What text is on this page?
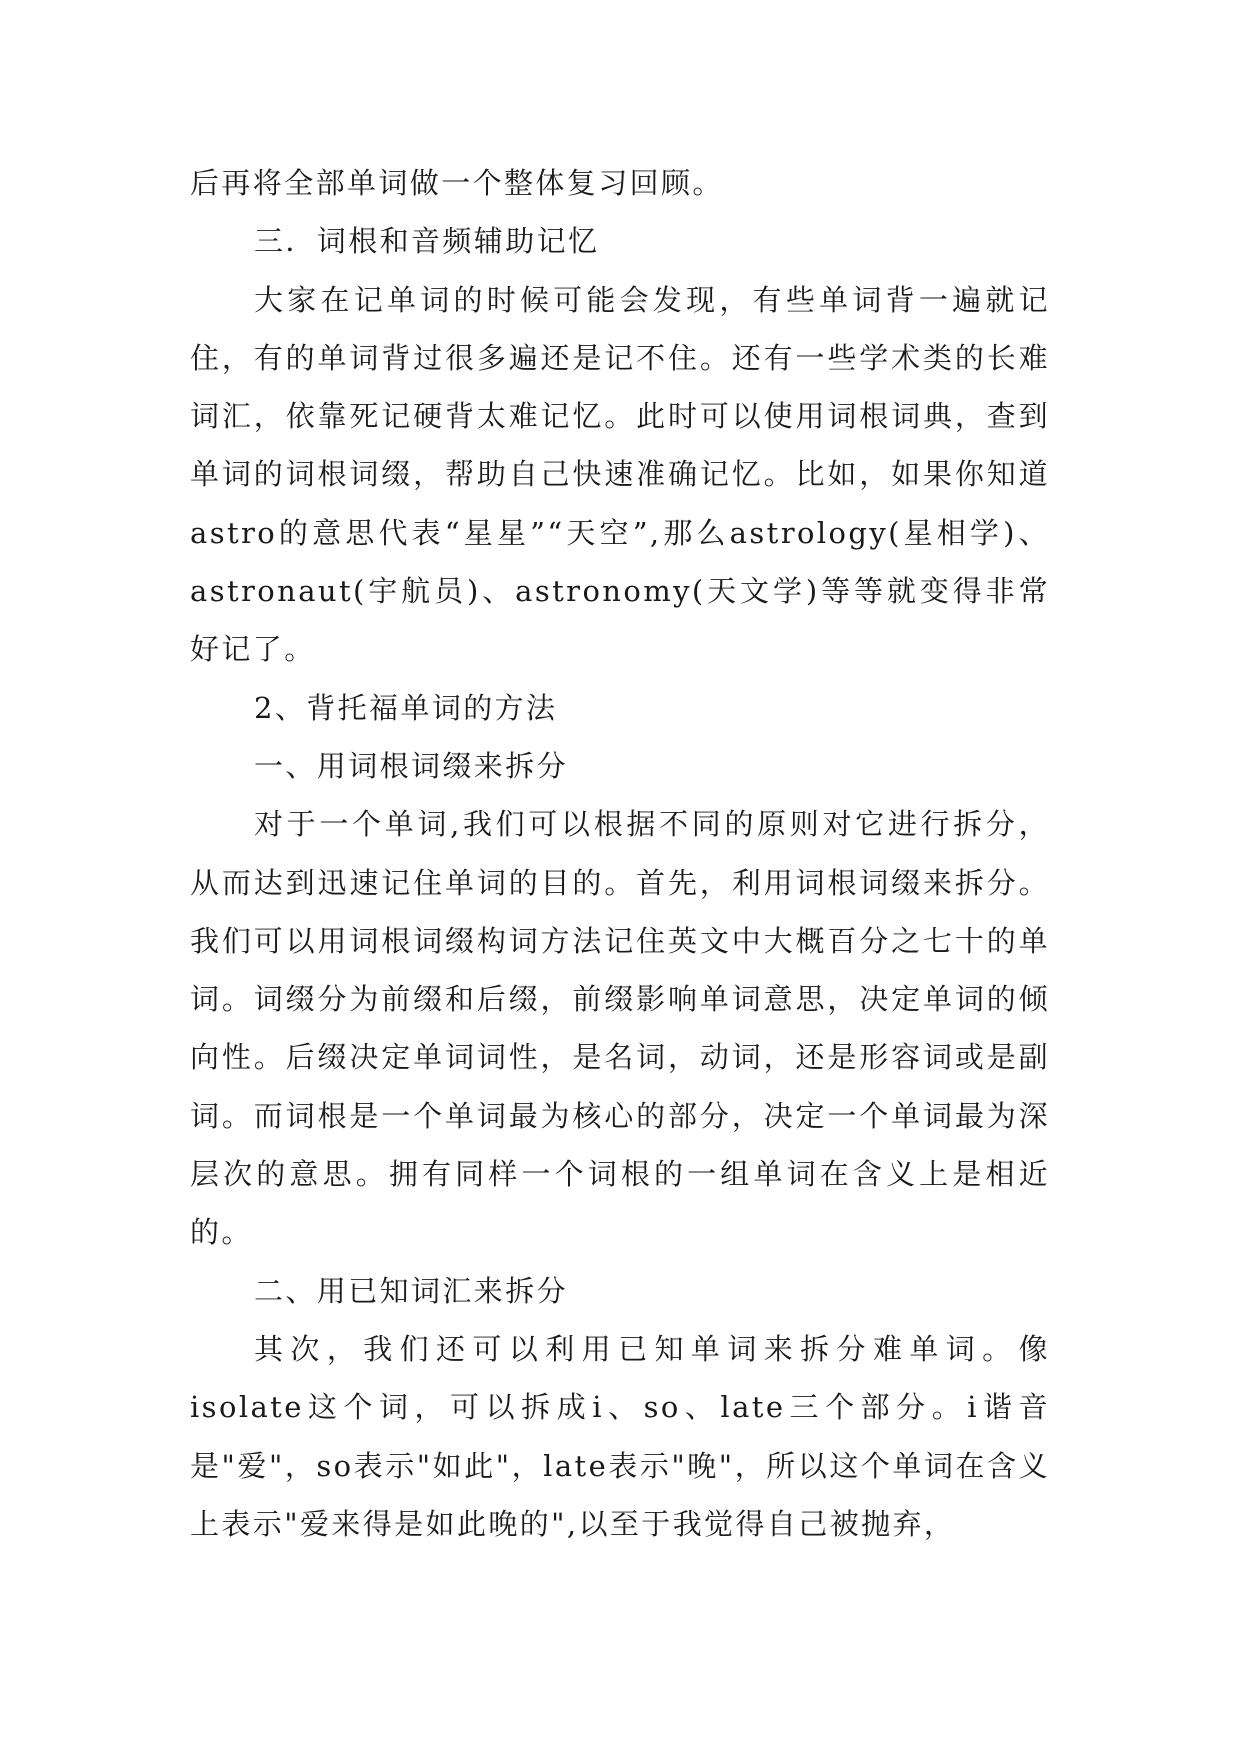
后再将全部单词做一个整体复习回顾。

三．词根和音频辅助记忆

大家在记单词的时候可能会发现，有些单词背一遍就记住，有的单词背过很多遍还是记不住。还有一些学术类的长难词汇，依靠死记硬背太难记忆。此时可以使用词根词典，查到单词的词根词缀，帮助自己快速准确记忆。比如，如果你知道astro的意思代表“星星”“天空”,那么astrology(星相学)、astronaut(宇航员)、astronomy(天文学)等等就变得非常好记了。

2、背托福单词的方法

一、用词根词缀来拆分

对于一个单词,我们可以根据不同的原则对它进行拆分，从而达到迅速记住单词的目的。首先，利用词根词缀来拆分。我们可以用词根词缀构词方法记住英文中大概百分之七十的单词。词缀分为前缀和后缀，前缀影响单词意思，决定单词的倾向性。后缀决定单词词性，是名词，动词，还是形容词或是副词。而词根是一个单词最为核心的部分，决定一个单词最为深层次的意思。拥有同样一个词根的一组单词在含义上是相近的。

二、用已知词汇来拆分

其次，我们还可以利用已知单词来拆分难单词。像isolate这个词，可以拆成i、so、late三个部分。i谐音是"爱"，so表示"如此"，late表示"晚"，所以这个单词在含义上表示"爱来得是如此晚的",以至于我觉得自己被抛弃，
